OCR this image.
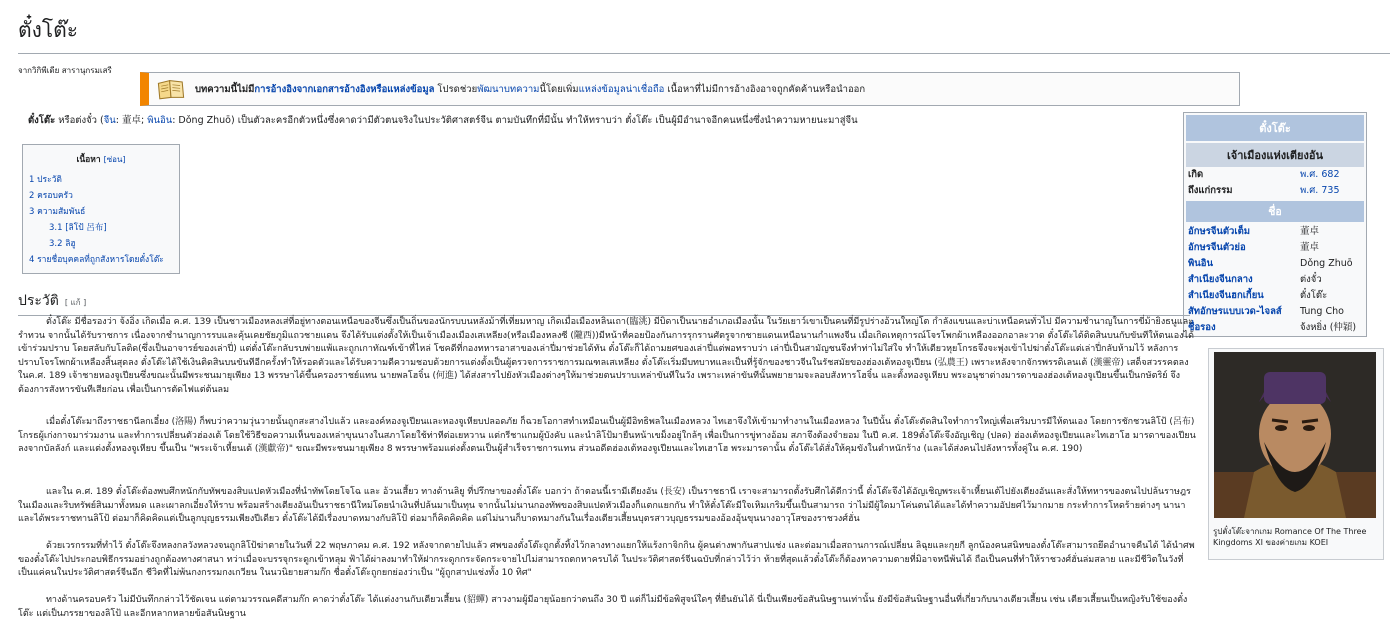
ตั๋งโต๊ะ
จากวิกิพีเดีย สารานุกรมเสรี
บทความนี้ไม่มีการอ้างอิงจากเอกสารอ้างอิงหรือแหล่งข้อมูล โปรดช่วยพัฒนาบทความนี้โดยเพิ่มแหล่งข้อมูลน่าเชื่อถือ เนื้อหาที่ไม่มีการอ้างอิงอาจถูกคัดค้านหรือนำออก
ตั๋งโต๊ะ หรือต่งจั๋ว (จีน: 董卓; พินอิน: Dǒng Zhuō) เป็นตัวละครอีกตัวหนึ่งซึ่งคาดว่ามีตัวตนจริงในประวัติศาสตร์จีน ตามบันทึกที่มีนั้น ทำให้ทราบว่า ตั๋งโต๊ะ เป็นผู้มีอำนาจอีกคนหนึ่งซึ่งนำความหายนะมาสู่จีน
เนื้อหา [ซ่อน]
1 ประวัติ
2 ครอบครัว
3 ความสัมพันธ์
3.1 [ลิโป้ 呂布]
3.2 ลิฮู
4 รายชื่อบุคคลที่ถูกสังหารโดยตั๋งโต๊ะ
ตั๋งโต๊ะ
เจ้าเมืองแห่งเตียงอัน
เกิด	พ.ศ. 682
ถึงแก่กรรม	พ.ศ. 735
ชื่อ
อักษรจีนตัวเต็ม	董卓
อักษรจีนตัวย่อ	董卓
พินอิน	Dǒng Zhuō
สำเนียงจีนกลาง	ต่งจั๋ว
สำเนียงจีนฮกเกี้ยน	ตั๋งโต๊ะ
สัทอักษรแบบเวด-ไจลส์	Tung Cho
ชื่อรอง	จ้งหยิ่ง (仲穎)
รูปตั๋งโต๊ะจากเกม Romance Of The Three Kingdoms XI ของค่ายเกม KOEI
ประวัติ [ แก้ ]

ตั๋งโต๊ะ มีชื่อรองว่า จ้งอิ่ง เกิดเมื่อ ค.ศ. 139 เป็นชาวเมืองหลงเส่ที่อยู่ทางตอนเหนือของจีนซึ่งเป็นถิ่นของนักรบบนหลังม้าที่เที่ยมหาญ เกิดเมื่อเมืองหลินเถา(臨洮) มีบิดาเป็นนายอำเภอเมืองนั้น ในวัยเยาว์เขาเป็นคนที่มีรูปร่างอ้วนใหญ่โต กำลังแขนและบ่าเหนือคนทั่วไป มีความชำนาญในการขี่ม้ายิงธนูและรำทวน จากนั้นได้รับราชการ เนื่องจากชำนาญการรบและคุ้นเคยชัยภูมิแถวชายแดน จึงได้รับแต่งตั้งให้เป็นเจ้าเมืองเมืองเสเหลียง(หรือเมืองหลงซี (隴西))มีหน้าที่คอยป้องกันการรุกรานศัตรูจากชายแดนเหนือนานกำแพงจีน เมื่อเกิดเหตุการณ์โจรโพกผ้าเหลืองออกอาละวาด ตั๋งโต๊ะได้ติดสินบนกับขันทีให้ตนเองได้เข้าร่วมปราบ โดยสลับกับโลติด(ซึ่งเป็นอาจารย์ของเล่าปี่) แต่ตั๋งโต๊ะกลับรบพ่ายแพ้และถูกเกาทัณฑ์เข้าที่ไหล่ โชคดีที่กองทหารอาสาของเล่าปี่มาช่วยได้ทัน ตั๋งโต๊ะก็ได้ถามยศของเล่าปี่แต่พอทราบว่า เล่าปี่เป็นสามัญชนจึงทำท่าไม่ใส่ใจ ทำให้เตียวหุยโกรธจึงจะพุ่งเข้าไปฆ่าตั๋งโต๊ะแต่เล่าปี่กลับห้ามไว้ หลังการปราบโจรโพกผ้าเหลืองสิ้นสุดลง ตั๋งโต๊ะได้ใช้เงินติดสินบนขันทีอีกครั้งทำให้รอดตัวและได้รับความดีความชอบด้วยการแต่งตั้งเป็นผู้ตรวจการราชการมณฑลเสเหลียง ตั๋งโต๊ะเริ่มมีบทบาทและเป็นที่รู้จักของชาวจีนในรัชสมัยของฮ่องเต้หองจูเปียน (弘農王) เพราะหลังจากจักรพรรดิเลนเต้ (漢靈帝) เสด็จสวรรคตลงในค.ศ. 189 เจ้าชายหองจูเปียนซึ่งขณะนั้นมีพระชนมายุเพียง 13 พรรษาได้ขึ้นครองราชย์แทน นายพลโฮจิ๋น (何進) ได้ส่งสารไปยังหัวเมืองต่างๆให้มาช่วยตนปราบเหล่าขันทีในวัง เพราะเหล่าขันทีนั้นพยายามจะลอบสังหารโฮจิ๋น และตั้งหองจูเหียบ พระอนุชาต่างมารดาของฮ่องเต้หองจูเปียนขึ้นเป็นกษัตริย์ จึงต้องการสังหารขันทีเสียก่อน เพื่อเป็นการตัดไฟแต่ต้นลม

เมื่อตั๋งโต๊ะมาถึงราชธานีลกเอี๋ยง (洛陽) ก็พบว่าความวุ่นวายนั้นถูกสะสางไปแล้ว และองค์หองจูเปียนและหองจูเหียบปลอดภัย ก็ฉวยโอกาสทำเหมือนเป็นผู้มีอิทธิพลในเมืองหลวง ไทเฮาจึงให้เข้ามาทำงานในเมืองหลวง ในปีนั้น ตั๋งโต๊ะตัดสินใจทำการใหญ่เพื่อเสริมบารมีให้ตนเอง โดยการชักชวนลิโป้ (呂布) โกรธผู้เก่งกาจมาร่วมงาน และทำการเปลี่ยนตัวฮ่องเต้ โดยใช้วิธีขอความเห็นของเหล่าขุนนางในสภาโดยใช้ท่าทีต่อเยหวาน แต่กรีชาแกมผู้บังคับ และนำลิโป้มายืนหน้าเขม็งอยู่ใกล้ๆ เพื่อเป็นการขู่ทางอ้อม สภาจึงต้องจำยอม ในปี ค.ศ. 189ตั๋งโต๊ะจึงอัญเชิญ (ปลด) ฮ่องเต้หองจูเปียนและไทเฮาโฮ มารดาของเปียนลงจากบัลลังก์ และแต่งตั้งหองจูเหียบ ขึ้นเป็น "พระเจ้าเหี้ยนเต้ (漢獻帝)" ขณะมีพระชนมายุเพียง 8 พรรษาพร้อมแต่งตั้งตนเป็นผู้สำเร็จราชการแทน ส่วนอดีตฮ่องเต้หองจูเปียนและไทเฮาโฮ พระมารดานั้น ตั๋งโต๊ะได้สั่งให้คุมขังในตำหนักร้าง (และได้ส่งคนไปลังหารทั้งคู่ใน ค.ศ. 190)

และใน ค.ศ. 189 ตั๋งโต๊ะต้องพบศึกหนักกับทัพของสิบแปดหัวเมืองที่นำทัพโดยโจโฉ และ อ้วนเสี้ยว ทางด้านลิยู ที่ปรึกษาของตั๋งโต๊ะ บอกว่า ถ้าตอนนี้เรามีเตียงอัน (長安) เป็นราชธานี เราจะสามารถตั้งรับศึกได้ดีกว่านี้ ตั๋งโต๊ะจึงได้อัญเชิญพระเจ้าเหี้ยนเต้ไปยังเตียงอันและสั่งให้ทหารของตนไปปล้นราษฎรในเมืองและริบทรัพย์สินมาทั้งหมด และเผาลกเอี๋ยงให้ราบ พร้อมสร้างเตียงอันเป็นราชธานีใหม่โดยนำเงินที่ปล้นมาเป็นทุน จากนั้นไม่นานกองทัพของสิบแปดหัวเมืองก็แตกแยกกัน ทำให้ตั๋งโต๊ะมีใจเหิมเกริมขึ้นเป็นสามารถ ว่าไม่มีผู้ใดมาโค่นตนได้และได้ทำความอัปยศไว้มากมาย กระทำการโหดร้ายต่างๆ นานา และได้พระราชทานลิโป้ ต่อมาก็คิดคิดแต่เป็นลูกบุญธรรมเพียงปีเดียว ตั๋งโต๊ะได้มีเรื่องบาดหมางกับลิโป้ ต่อมาก็คิดคิดคิด แต่ไม่นานก็บาดหมางกันในเรื่องเตียวเสี้ยนบุตรสาวบุญธรรมของอ้องอุ้นขุนนางอาวุโสของราชวงศ์ฮั่น

ด้วยเวรกรรมที่ทำไว้ ตั๋งโต๊ะจึงหลงกลวังหลวงจนถูกลิโป้ฆ่าตายในวันที่ 22 พฤษภาคม ค.ศ. 192 หลังจากตายไปแล้ว ศพของตั๋งโต๊ะถูกตั้งทิ้งไว้กลางทางแยกให้แร้งกาจิกกิน ผู้คนต่างพากันสาปแช่ง และต่อมาเมื่อสถานการณ์เปลี่ยน ลิฉุยและกุยกี ลูกน้องคนสนิทของตั๋งโต๊ะสามารถยึดอำนาจคืนได้ ได้นำศพของตั๋งโต๊ะไปประกอบพิธีกรรมอย่างถูกต้องทางศาสนา ทว่าเมื่อจะบรรจุกระดูกเข้าหลุม ฟ้าได้ผ่าลงมาทำให้ฝากระดูกกระจัดกระจายไปไม่สามารถตกหาครบได้ ในประวัติศาสตร์จีนฉบับที่กล่าวไว้ว่า ท้ายที่สุดแล้วตั๋งโต๊ะก็ต้องหาความตายที่มิอาจหนีพ้นได้ ถือเป็นคนที่ทำให้ราชวงศ์ฮั่นล่มสลาย และมีชีวิตในวังที่เป็นแค่คนในประวัติศาสตร์จีนอีก ชีวิตที่ไม่พ้นกงกรรมกงเกวียน ในนวนิยายสามก๊ก ชื่อตั๋งโต๊ะถูกยกย่องว่าเป็น "ผู้ถูกสาปแช่งทั้ง 10 ทิศ"

ทางด้านครอบครัว ไม่มีบันทึกกล่าวไว้ชัดเจน แต่ตามวรรณคดีสามก๊ก คาดว่าตั๋งโต๊ะ ได้แต่งงานกับเตียวเสี้ยน (貂蟬) สาวงามผู้มีอายุน้อยกว่าตนถึง 30 ปี แต่ก็ไม่มีข้อพิสูจน์ใดๆ ที่ยืนยันได้ นี่เป็นเพียงข้อสันนิษฐานเท่านั้น ยังมีข้อสันนิษฐานอื่นที่เกี่ยวกับนางเตียวเสี้ยน เช่น เตียวเสี้ยนเป็นหญิงรับใช้ของตั๋งโต๊ะ แต่เป็นภรรยาของลิโป้ และอีกหลากหลายข้อสันนิษฐาน
